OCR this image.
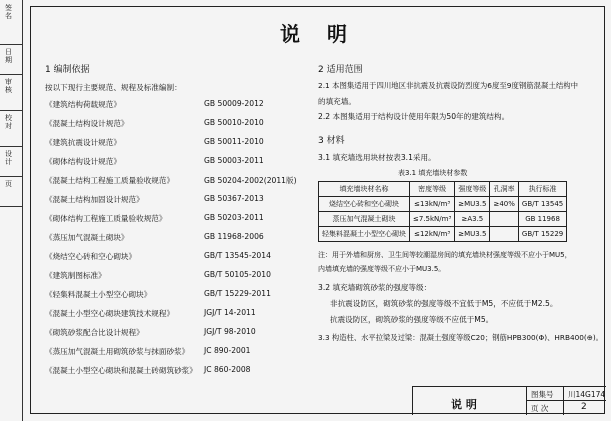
签名
日期
审核
校对
设计
页
说 明
1 编制依据
按以下现行主要规范、规程及标准编制：
《建筑结构荷载规范》	GB 50009-2012
《混凝土结构设计规范》	GB 50010-2010
《建筑抗震设计规范》	GB 50011-2010
《砌体结构设计规范》	GB 50003-2011
《混凝土结构工程施工质量验收规范》	GB 50204-2002(2011版)
《混凝土结构加固设计规范》	GB 50367-2013
《砌体结构工程施工质量验收规范》	GB 50203-2011
《蒸压加气混凝土砌块》	GB 11968-2006
《烧结空心砖和空心砌块》	GB/T 13545-2014
《建筑制图标准》	GB/T 50105-2010
《轻集料混凝土小型空心砌块》	GB/T 15229-2011
《混凝土小型空心砌块建筑技术规程》	JGJ/T 14-2011
《砌筑砂浆配合比设计规程》	JGJ/T 98-2010
《蒸压加气混凝土用砌筑砂浆与抹面砂浆》 JC 890-2001
《混凝土小型空心砌块和混凝土砖砌筑砂浆》 JC 860-2008
2 适用范围
2.1 本图集适用于四川地区非抗震及抗震设防烈度为6度至9度钢筋混凝土结构中
的填充墙。
2.2 本图集适用于结构设计使用年限为50年的建筑结构。
3 材料
3.1 填充墙选用块材按表3.1采用。
表3.1 填充墙块材参数
填充墙块材名称	密度等级	强度等级	孔洞率	执行标准
烧结空心砖和空心砌块	≤13kN/m³	≥MU3.5	≥40%	GB/T 13545
蒸压加气混凝土砌块	≤7.5kN/m³	≥A3.5		GB 11968
轻集料混凝土小型空心砌块	≤12kN/m³	≥MU3.5		GB/T 15229
注：用于外墙和厨房、卫生间等较潮湿房间的填充墙块材强度等级不应小于MU5，
内墙填充墙的强度等级不应小于MU3.5。
3.2 填充墙砌筑砂浆的强度等级：
非抗震设防区，砌筑砂浆的强度等级不宜低于M5，不应低于M2.5。
抗震设防区，砌筑砂浆的强度等级不应低于M5。
3.3 构造柱、水平拉梁及过梁：混凝土强度等级C20；钢筋HPB300(Φ)、HRB400(⊕)。
说 明
图集号 川14G174
页 次	2
